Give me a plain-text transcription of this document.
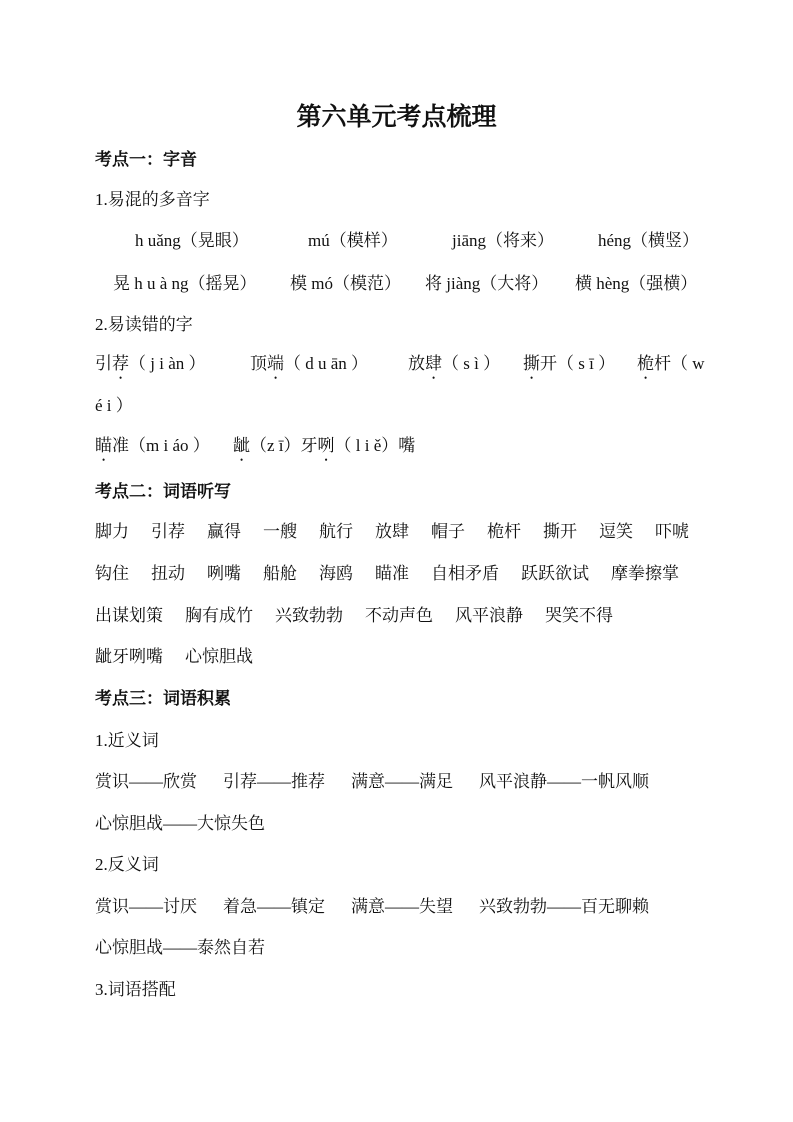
第六单元考点梳理
考点一：字音
1.易混的多音字
h uǎng（晃眼）	mú（模样）	jiāng（将来）	héng（横竖）
晃 h u à ng（摇晃） 模 mó（模范） 将 jiàng（大将） 横 hèng（强横）
2.易读错的字
引荐（ j i àn ）	顶端（ d u ān ） 放肆（ s ì ） 撕开（ s ī ） 桅杆（ w
é i ）
瞄准（m i áo ） 龇（z ī）牙咧（ l i ě）嘴
考点二：词语听写
脚力 引荐 赢得 一艘 航行 放肆 帽子 桅杆 撕开 逗笑 吓唬
钩住 扭动 咧嘴 船舱 海鸥 瞄准 自相矛盾 跃跃欲试 摩拳擦掌
出谋划策 胸有成竹 兴致勃勃 不动声色 风平浪静 哭笑不得
龇牙咧嘴 心惊胆战
考点三：词语积累
1.近义词
赏识——欣赏 引荐——推荐 满意——满足 风平浪静——一帆风顺
心惊胆战——大惊失色
2.反义词
赏识——讨厌 着急——镇定 满意——失望 兴致勃勃——百无聊赖
心惊胆战——泰然自若
3.词语搭配
